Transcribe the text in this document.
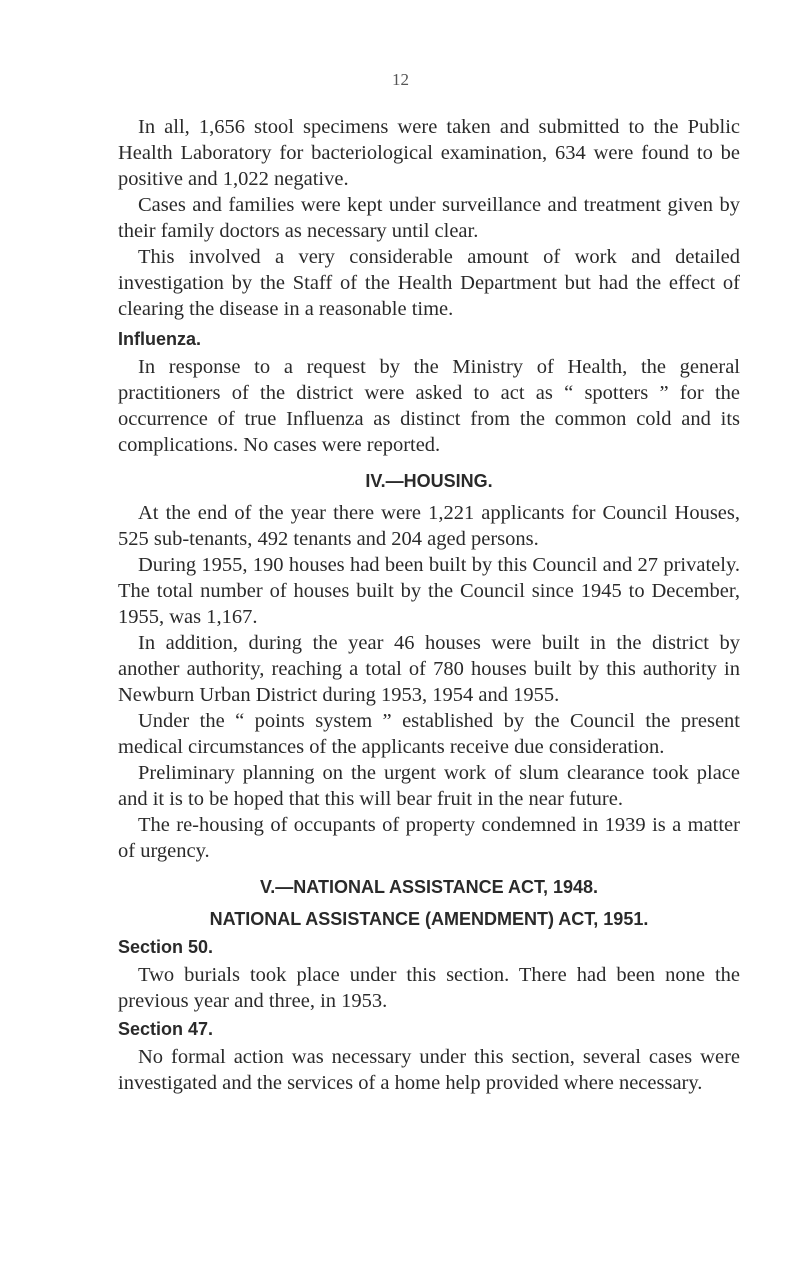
12

In all, 1,656 stool specimens were taken and submitted to the Public Health Laboratory for bacteriological examination, 634 were found to be positive and 1,022 negative.

Cases and families were kept under surveillance and treatment given by their family doctors as necessary until clear.

This involved a very considerable amount of work and detailed investigation by the Staff of the Health Department but had the effect of clearing the disease in a reasonable time.

Influenza.

In response to a request by the Ministry of Health, the general practitioners of the district were asked to act as “ spotters ” for the occurrence of true Influenza as distinct from the common cold and its complications. No cases were reported.

IV.—HOUSING.

At the end of the year there were 1,221 applicants for Council Houses, 525 sub-tenants, 492 tenants and 204 aged persons.

During 1955, 190 houses had been built by this Council and 27 privately. The total number of houses built by the Council since 1945 to December, 1955, was 1,167.

In addition, during the year 46 houses were built in the district by another authority, reaching a total of 780 houses built by this authority in Newburn Urban District during 1953, 1954 and 1955.

Under the “ points system ” established by the Council the present medical circumstances of the applicants receive due consideration.

Preliminary planning on the urgent work of slum clearance took place and it is to be hoped that this will bear fruit in the near future.

The re-housing of occupants of property condemned in 1939 is a matter of urgency.

V.—NATIONAL ASSISTANCE ACT, 1948.
NATIONAL ASSISTANCE (AMENDMENT) ACT, 1951.
Section 50.

Two burials took place under this section. There had been none the previous year and three, in 1953.

Section 47.

No formal action was necessary under this section, several cases were investigated and the services of a home help provided where necessary.
